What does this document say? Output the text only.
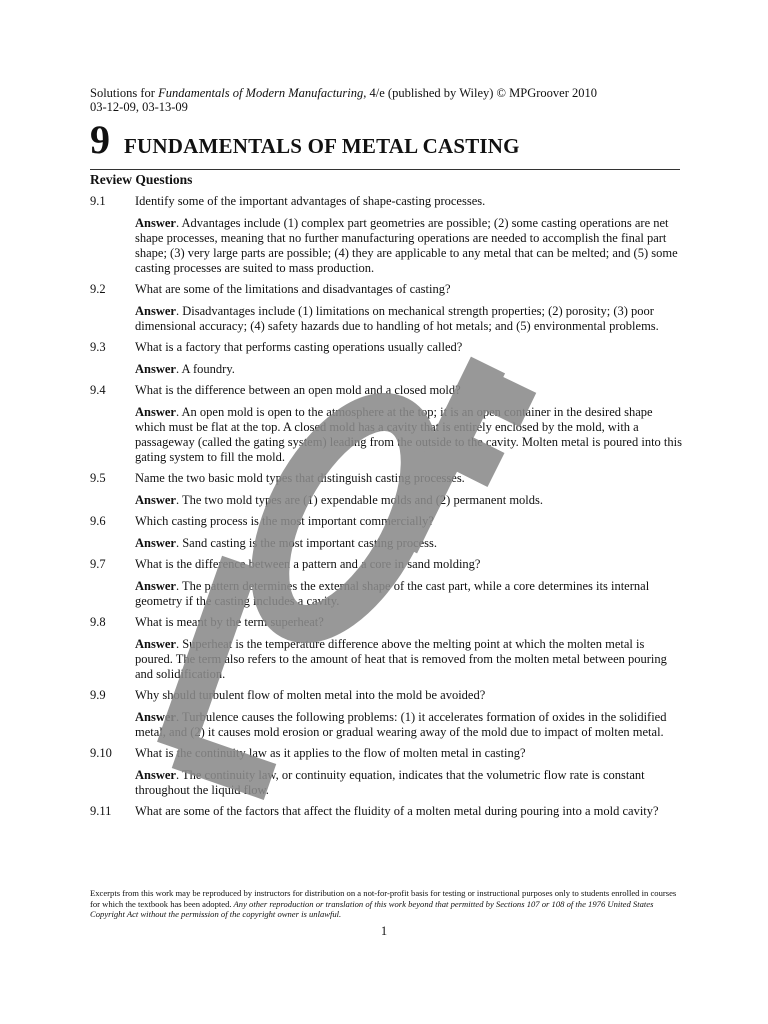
Solutions for Fundamentals of Modern Manufacturing, 4/e (published by Wiley) © MPGroover 2010
03-12-09, 03-13-09
9 FUNDAMENTALS OF METAL CASTING
Review Questions
9.1	Identify some of the important advantages of shape-casting processes.
Answer. Advantages include (1) complex part geometries are possible; (2) some casting operations are net shape processes, meaning that no further manufacturing operations are needed to accomplish the final part shape; (3) very large parts are possible; (4) they are applicable to any metal that can be melted; and (5) some casting processes are suited to mass production.
9.2	What are some of the limitations and disadvantages of casting?
Answer. Disadvantages include (1) limitations on mechanical strength properties; (2) porosity; (3) poor dimensional accuracy; (4) safety hazards due to handling of hot metals; and (5) environmental problems.
9.3	What is a factory that performs casting operations usually called?
Answer. A foundry.
9.4	What is the difference between an open mold and a closed mold?
Answer. An open mold is open to the atmosphere at the top; it is an open container in the desired shape which must be flat at the top. A closed mold has a cavity that is entirely enclosed by the mold, with a passageway (called the gating system) leading from the outside to the cavity. Molten metal is poured into this gating system to fill the mold.
9.5	Name the two basic mold types that distinguish casting processes.
Answer. The two mold types are (1) expendable molds and (2) permanent molds.
9.6	Which casting process is the most important commercially?
Answer. Sand casting is the most important casting process.
9.7	What is the difference between a pattern and a core in sand molding?
Answer. The pattern determines the external shape of the cast part, while a core determines its internal geometry if the casting includes a cavity.
9.8	What is meant by the term superheat?
Answer. Superheat is the temperature difference above the melting point at which the molten metal is poured. The term also refers to the amount of heat that is removed from the molten metal between pouring and solidification.
9.9	Why should turbulent flow of molten metal into the mold be avoided?
Answer. Turbulence causes the following problems: (1) it accelerates formation of oxides in the solidified metal, and (2) it causes mold erosion or gradual wearing away of the mold due to impact of molten metal.
9.10	What is the continuity law as it applies to the flow of molten metal in casting?
Answer. The continuity law, or continuity equation, indicates that the volumetric flow rate is constant throughout the liquid flow.
9.11	What are some of the factors that affect the fluidity of a molten metal during pouring into a mold cavity?
Excerpts from this work may be reproduced by instructors for distribution on a not-for-profit basis for testing or instructional purposes only to students enrolled in courses for which the textbook has been adopted. Any other reproduction or translation of this work beyond that permitted by Sections 107 or 108 of the 1976 United States Copyright Act without the permission of the copyright owner is unlawful.
1
